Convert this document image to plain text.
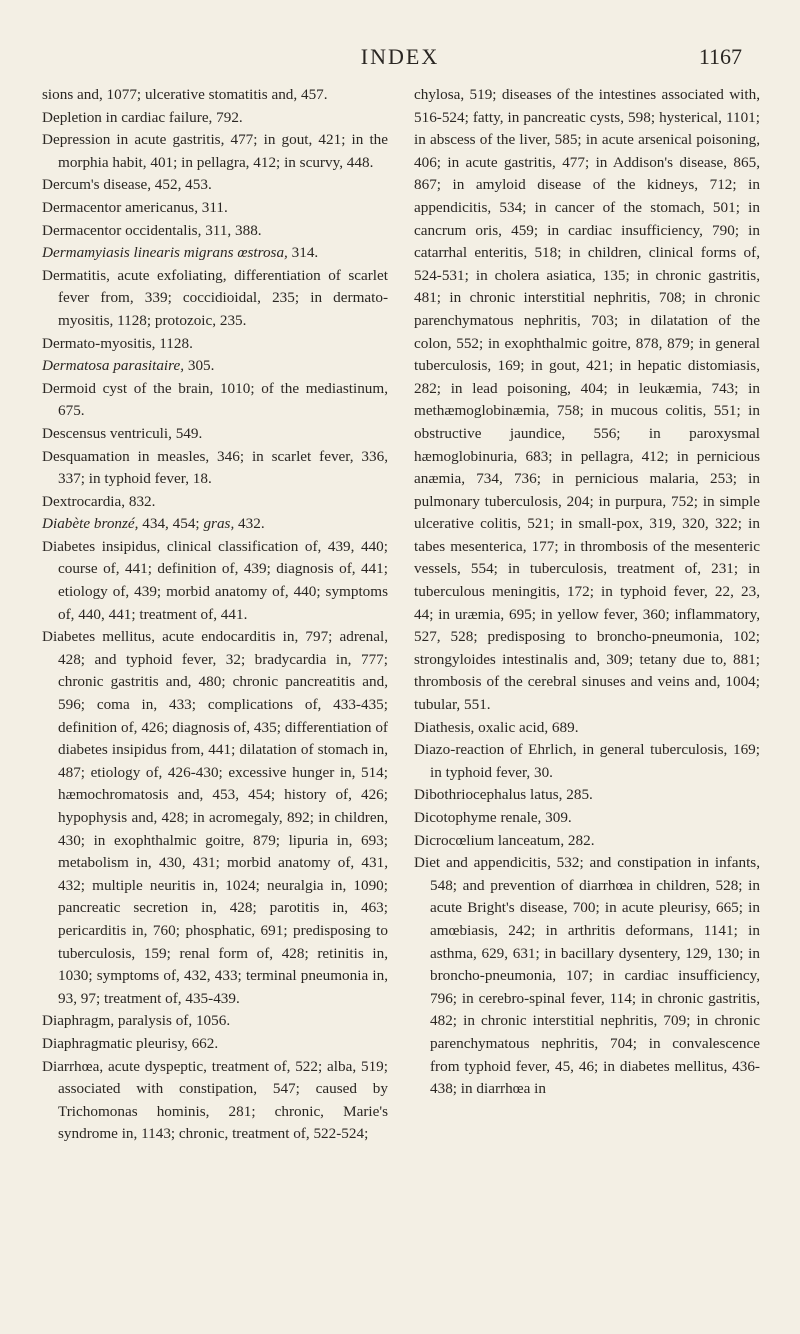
INDEX	1167

sions and, 1077; ulcerative stomatitis and, 457.

Depletion in cardiac failure, 792.

Depression in acute gastritis, 477; in gout, 421; in the morphia habit, 401; in pellagra, 412; in scurvy, 448.

Dercum's disease, 452, 453.

Dermacentor americanus, 311.

Dermacentor occidentalis, 311, 388.

Dermamyiasis linearis migrans œstrosa, 314.

Dermatitis, acute exfoliating, differentiation of scarlet fever from, 339; coccidioidal, 235; in dermato-myositis, 1128; protozoic, 235.

Dermato-myositis, 1128.

Dermatosa parasitaire, 305.

Dermoid cyst of the brain, 1010; of the mediastinum, 675.

Descensus ventriculi, 549.

Desquamation in measles, 346; in scarlet fever, 336, 337; in typhoid fever, 18.

Dextrocardia, 832.

Diabète bronzé, 434, 454; gras, 432.

Diabetes insipidus, clinical classification of, 439, 440; course of, 441; definition of, 439; diagnosis of, 441; etiology of, 439; morbid anatomy of, 440; symptoms of, 440, 441; treatment of, 441.

Diabetes mellitus, acute endocarditis in, 797; adrenal, 428; and typhoid fever, 32; bradycardia in, 777; chronic gastritis and, 480; chronic pancreatitis and, 596; coma in, 433; complications of, 433-435; definition of, 426; diagnosis of, 435; differentiation of diabetes insipidus from, 441; dilatation of stomach in, 487; etiology of, 426-430; excessive hunger in, 514; hæmochromatosis and, 453, 454; history of, 426; hypophysis and, 428; in acromegaly, 892; in children, 430; in exophthalmic goitre, 879; lipuria in, 693; metabolism in, 430, 431; morbid anatomy of, 431, 432; multiple neuritis in, 1024; neuralgia in, 1090; pancreatic secretion in, 428; parotitis in, 463; pericarditis in, 760; phosphatic, 691; predisposing to tuberculosis, 159; renal form of, 428; retinitis in, 1030; symptoms of, 432, 433; terminal pneumonia in, 93, 97; treatment of, 435-439.

Diaphragm, paralysis of, 1056.

Diaphragmatic pleurisy, 662.

Diarrhœa, acute dyspeptic, treatment of, 522; alba, 519; associated with constipation, 547; caused by Trichomonas hominis, 281; chronic, Marie's syndrome in, 1143; chronic, treatment of, 522-524;

chylosa, 519; diseases of the intestines associated with, 516-524; fatty, in pancreatic cysts, 598; hysterical, 1101; in abscess of the liver, 585; in acute arsenical poisoning, 406; in acute gastritis, 477; in Addison's disease, 865, 867; in amyloid disease of the kidneys, 712; in appendicitis, 534; in cancer of the stomach, 501; in cancrum oris, 459; in cardiac insufficiency, 790; in catarrhal enteritis, 518; in children, clinical forms of, 524-531; in cholera asiatica, 135; in chronic gastritis, 481; in chronic interstitial nephritis, 708; in chronic parenchymatous nephritis, 703; in dilatation of the colon, 552; in exophthalmic goitre, 878, 879; in general tuberculosis, 169; in gout, 421; in hepatic distomiasis, 282; in lead poisoning, 404; in leukæmia, 743; in methæmoglobinæmia, 758; in mucous colitis, 551; in obstructive jaundice, 556; in paroxysmal hæmoglobinuria, 683; in pellagra, 412; in pernicious anæmia, 734, 736; in pernicious malaria, 253; in pulmonary tuberculosis, 204; in purpura, 752; in simple ulcerative colitis, 521; in small-pox, 319, 320, 322; in tabes mesenterica, 177; in thrombosis of the mesenteric vessels, 554; in tuberculosis, treatment of, 231; in tuberculous meningitis, 172; in typhoid fever, 22, 23, 44; in uræmia, 695; in yellow fever, 360; inflammatory, 527, 528; predisposing to broncho-pneumonia, 102; strongyloides intestinalis and, 309; tetany due to, 881; thrombosis of the cerebral sinuses and veins and, 1004; tubular, 551.

Diathesis, oxalic acid, 689.

Diazo-reaction of Ehrlich, in general tuberculosis, 169; in typhoid fever, 30.

Dibothriocephalus latus, 285.

Dicotophyme renale, 309.

Dicrocœlium lanceatum, 282.

Diet and appendicitis, 532; and constipation in infants, 548; and prevention of diarrhœa in children, 528; in acute Bright's disease, 700; in acute pleurisy, 665; in amœbiasis, 242; in arthritis deformans, 1141; in asthma, 629, 631; in bacillary dysentery, 129, 130; in broncho-pneumonia, 107; in cardiac insufficiency, 796; in cerebro-spinal fever, 114; in chronic gastritis, 482; in chronic interstitial nephritis, 709; in chronic parenchymatous nephritis, 704; in convalescence from typhoid fever, 45, 46; in diabetes mellitus, 436-438; in diarrhœa in
